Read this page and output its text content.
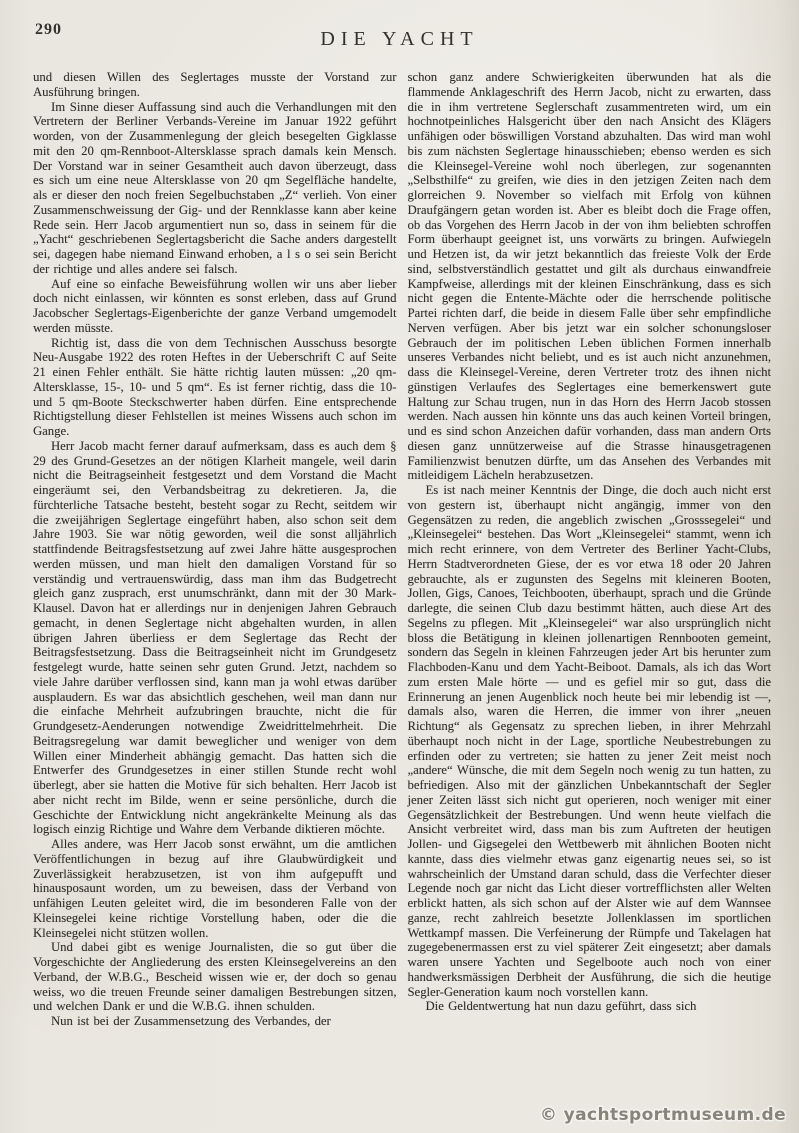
290	DIE YACHT

und diesen Willen des Seglertages musste der Vorstand zur Ausführung bringen.

Im Sinne dieser Auffassung sind auch die Verhandlungen mit den Vertretern der Berliner Verbands-Vereine im Januar 1922 geführt worden, von der Zusammenlegung der gleich besegelten Gigklasse mit den 20 qm-Rennboot-Altersklasse sprach damals kein Mensch. Der Vorstand war in seiner Gesamtheit auch davon überzeugt, dass es sich um eine neue Altersklasse von 20 qm Segelfläche handelte, als er dieser den noch freien Segelbuchstaben „Z“ verlieh. Von einer Zusammenschweissung der Gig- und der Rennklasse kann aber keine Rede sein. Herr Jacob argumentiert nun so, dass in seinem für die „Yacht“ geschriebenen Seglertagsbericht die Sache anders dargestellt sei, dagegen habe niemand Einwand erhoben, a l s o sei sein Bericht der richtige und alles andere sei falsch.

Auf eine so einfache Beweisführung wollen wir uns aber lieber doch nicht einlassen, wir könnten es sonst erleben, dass auf Grund Jacobscher Seglertags-Eigenberichte der ganze Verband umgemodelt werden müsste.

Richtig ist, dass die von dem Technischen Ausschuss besorgte Neu-Ausgabe 1922 des roten Heftes in der Ueberschrift C auf Seite 21 einen Fehler enthält. Sie hätte richtig lauten müssen: „20 qm-Altersklasse, 15-, 10- und 5 qm“. Es ist ferner richtig, dass die 10- und 5 qm-Boote Steckschwerter haben dürfen. Eine entsprechende Richtigstellung dieser Fehlstellen ist meines Wissens auch schon im Gange.

Herr Jacob macht ferner darauf aufmerksam, dass es auch dem § 29 des Grund-Gesetzes an der nötigen Klarheit mangele, weil darin nicht die Beitragseinheit festgesetzt und dem Vorstand die Macht eingeräumt sei, den Verbandsbeitrag zu dekretieren. Ja, die fürchterliche Tatsache besteht, besteht sogar zu Recht, seitdem wir die zweijährigen Seglertage eingeführt haben, also schon seit dem Jahre 1903. Sie war nötig geworden, weil die sonst alljährlich stattfindende Beitragsfestsetzung auf zwei Jahre hätte ausgesprochen werden müssen, und man hielt den damaligen Vorstand für so verständig und vertrauenswürdig, dass man ihm das Budgetrecht gleich ganz zusprach, erst unumschränkt, dann mit der 30 Mark-Klausel. Davon hat er allerdings nur in denjenigen Jahren Gebrauch gemacht, in denen Seglertage nicht abgehalten wurden, in allen übrigen Jahren überliess er dem Seglertage das Recht der Beitragsfestsetzung. Dass die Beitragseinheit nicht im Grundgesetz festgelegt wurde, hatte seinen sehr guten Grund. Jetzt, nachdem so viele Jahre darüber verflossen sind, kann man ja wohl etwas darüber ausplaudern. Es war das absichtlich geschehen, weil man dann nur die einfache Mehrheit aufzubringen brauchte, nicht die für Grundgesetz-Aenderungen notwendige Zweidrittelmehrheit. Die Beitragsregelung war damit beweglicher und weniger von dem Willen einer Minderheit abhängig gemacht. Das hatten sich die Entwerfer des Grundgesetzes in einer stillen Stunde recht wohl überlegt, aber sie hatten die Motive für sich behalten. Herr Jacob ist aber nicht recht im Bilde, wenn er seine persönliche, durch die Geschichte der Entwicklung nicht angekränkelte Meinung als das logisch einzig Richtige und Wahre dem Verbande diktieren möchte.

Alles andere, was Herr Jacob sonst erwähnt, um die amtlichen Veröffentlichungen in bezug auf ihre Glaubwürdigkeit und Zuverlässigkeit herabzusetzen, ist von ihm aufgepufft und hinausposaunt worden, um zu beweisen, dass der Verband von unfähigen Leuten geleitet wird, die im besonderen Falle von der Kleinsegelei keine richtige Vorstellung haben, oder die die Kleinsegelei nicht stützen wollen.

Und dabei gibt es wenige Journalisten, die so gut über die Vorgeschichte der Angliederung des ersten Kleinsegelvereins an den Verband, der W.B.G., Bescheid wissen wie er, der doch so genau weiss, wo die treuen Freunde seiner damaligen Bestrebungen sitzen, und welchen Dank er und die W.B.G. ihnen schulden.

Nun ist bei der Zusammensetzung des Verbandes, der

schon ganz andere Schwierigkeiten überwunden hat als die flammende Anklageschrift des Herrn Jacob, nicht zu erwarten, dass die in ihm vertretene Seglerschaft zusammentreten wird, um ein hochnotpeinliches Halsgericht über den nach Ansicht des Klägers unfähigen oder böswilligen Vorstand abzuhalten. Das wird man wohl bis zum nächsten Seglertage hinausschieben; ebenso werden es sich die Kleinsegel-Vereine wohl noch überlegen, zur sogenannten „Selbsthilfe“ zu greifen, wie dies in den jetzigen Zeiten nach dem glorreichen 9. November so vielfach mit Erfolg von kühnen Draufgängern getan worden ist. Aber es bleibt doch die Frage offen, ob das Vorgehen des Herrn Jacob in der von ihm beliebten schroffen Form überhaupt geeignet ist, uns vorwärts zu bringen. Aufwiegeln und Hetzen ist, da wir jetzt bekanntlich das freieste Volk der Erde sind, selbstverständlich gestattet und gilt als durchaus einwandfreie Kampfweise, allerdings mit der kleinen Einschränkung, dass es sich nicht gegen die Entente-Mächte oder die herrschende politische Partei richten darf, die beide in diesem Falle über sehr empfindliche Nerven verfügen. Aber bis jetzt war ein solcher schonungsloser Gebrauch der im politischen Leben üblichen Formen innerhalb unseres Verbandes nicht beliebt, und es ist auch nicht anzunehmen, dass die Kleinsegel-Vereine, deren Vertreter trotz des ihnen nicht günstigen Verlaufes des Seglertages eine bemerkenswert gute Haltung zur Schau trugen, nun in das Horn des Herrn Jacob stossen werden. Nach aussen hin könnte uns das auch keinen Vorteil bringen, und es sind schon Anzeichen dafür vorhanden, dass man andern Orts diesen ganz unnützerweise auf die Strasse hinausgetragenen Familienzwist benutzen dürfte, um das Ansehen des Verbandes mit mitleidigem Lächeln herabzusetzen.

Es ist nach meiner Kenntnis der Dinge, die doch auch nicht erst von gestern ist, überhaupt nicht angängig, immer von den Gegensätzen zu reden, die angeblich zwischen „Grosssegelei“ und „Kleinsegelei“ bestehen. Das Wort „Kleinsegelei“ stammt, wenn ich mich recht erinnere, von dem Vertreter des Berliner Yacht-Clubs, Herrn Stadtverordneten Giese, der es vor etwa 18 oder 20 Jahren gebrauchte, als er zugunsten des Segelns mit kleineren Booten, Jollen, Gigs, Canoes, Teichbooten, überhaupt, sprach und die Gründe darlegte, die seinen Club dazu bestimmt hätten, auch diese Art des Segelns zu pflegen. Mit „Kleinsegelei“ war also ursprünglich nicht bloss die Betätigung in kleinen jollenartigen Rennbooten gemeint, sondern das Segeln in kleinen Fahrzeugen jeder Art bis herunter zum Flachboden-Kanu und dem Yacht-Beiboot. Damals, als ich das Wort zum ersten Male hörte — und es gefiel mir so gut, dass die Erinnerung an jenen Augenblick noch heute bei mir lebendig ist —, damals also, waren die Herren, die immer von ihrer „neuen Richtung“ als Gegensatz zu sprechen lieben, in ihrer Mehrzahl überhaupt noch nicht in der Lage, sportliche Neubestrebungen zu erfinden oder zu vertreten; sie hatten zu jener Zeit meist noch „andere“ Wünsche, die mit dem Segeln noch wenig zu tun hatten, zu befriedigen. Also mit der gänzlichen Unbekanntschaft der Segler jener Zeiten lässt sich nicht gut operieren, noch weniger mit einer Gegensätzlichkeit der Bestrebungen. Und wenn heute vielfach die Ansicht verbreitet wird, dass man bis zum Auftreten der heutigen Jollen- und Gigsegelei den Wettbewerb mit ähnlichen Booten nicht kannte, dass dies vielmehr etwas ganz eigenartig neues sei, so ist wahrscheinlich der Umstand daran schuld, dass die Verfechter dieser Legende noch gar nicht das Licht dieser vortrefflichsten aller Welten erblickt hatten, als sich schon auf der Alster wie auf dem Wannsee ganze, recht zahlreich besetzte Jollenklassen im sportlichen Wettkampf massen. Die Verfeinerung der Rümpfe und Takelagen hat zugegebenermassen erst zu viel späterer Zeit eingesetzt; aber damals waren unsere Yachten und Segelboote auch noch von einer handwerksmässigen Derbheit der Ausführung, die sich die heutige Segler-Generation kaum noch vorstellen kann.

Die Geldentwertung hat nun dazu geführt, dass sich

© yachtsportmuseum.de
